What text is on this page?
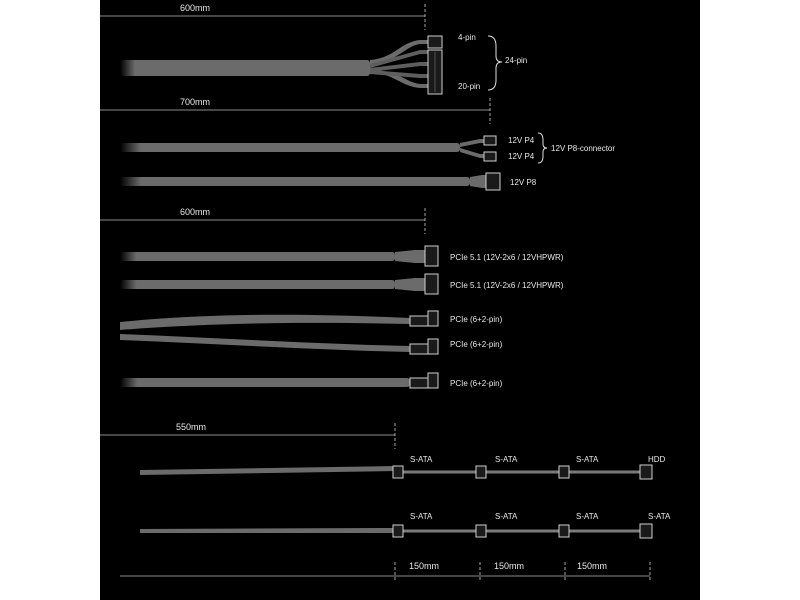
600mm
4-pin
20-pin
24-pin
700mm
12V P4
12V P4
12V P8-connector
12V P8
600mm
PCIe 5.1 (12V-2x6 / 12VHPWR)
PCIe 5.1 (12V-2x6 / 12VHPWR)
PCIe (6+2-pin)
PCIe (6+2-pin)
PCIe (6+2-pin)
550mm
S-ATA	S-ATA	S-ATA	HDD
S-ATA	S-ATA	S-ATA	S-ATA
150mm	150mm	150mm
